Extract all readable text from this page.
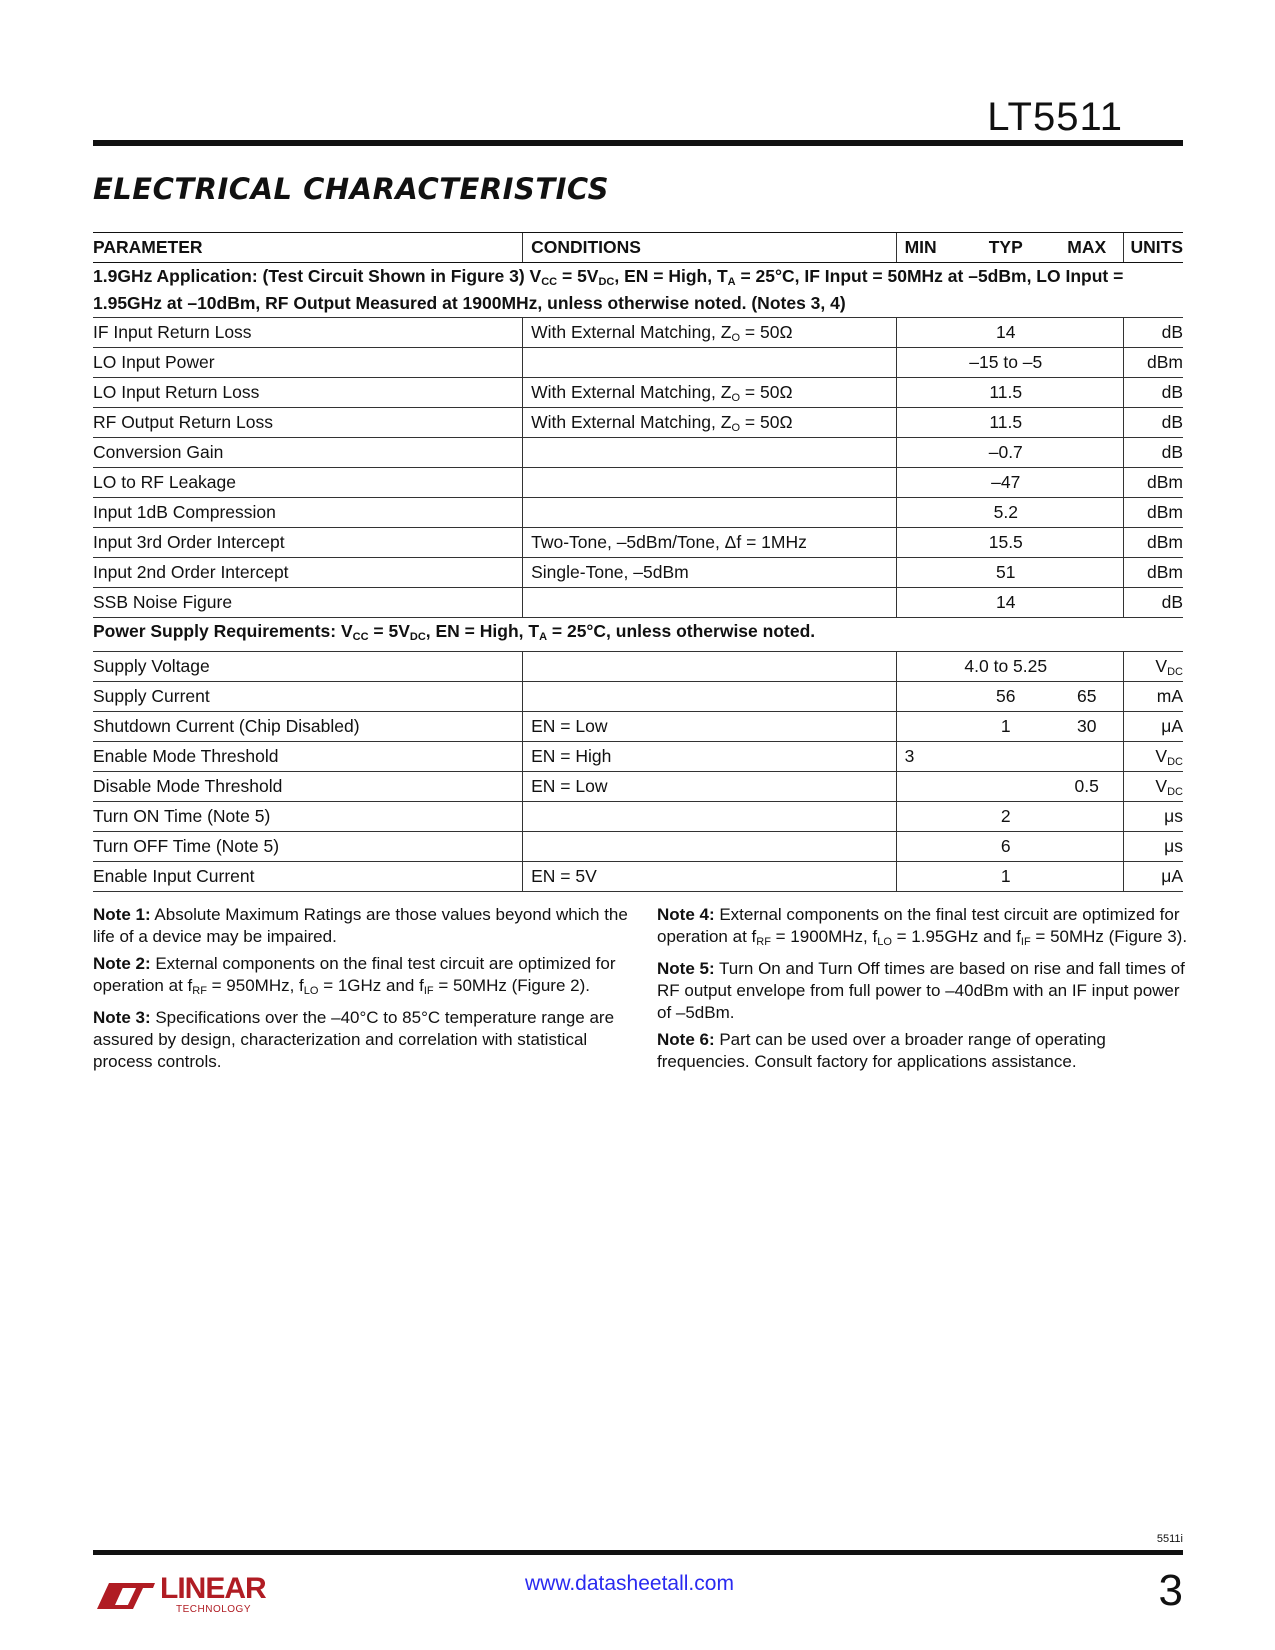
LT5511
ELECTRICAL CHARACTERISTICS
PARAMETER	CONDITIONS	MIN	TYP	MAX	UNITS
1.9GHz Application: (Test Circuit Shown in Figure 3) $V_{CC} = 5V_{DC}$, EN = High, $T_A = 25^\circ C$, IF Input = 50MHz at –5dBm, LO Input = 1.95GHz at –10dBm, RF Output Measured at 1900MHz, unless otherwise noted. (Notes 3, 4)					
IF Input Return Loss	With External Matching, $Z_O = 50\Omega$		14		dB
LO Input Power			–15 to –5		dBm
LO Input Return Loss	With External Matching, $Z_O = 50\Omega$		11.5		dB
RF Output Return Loss	With External Matching, $Z_O = 50\Omega$		11.5		dB
Conversion Gain			–0.7		dB
LO to RF Leakage			–47		dBm
Input 1dB Compression			5.2		dBm
Input 3rd Order Intercept	Two-Tone, –5dBm/Tone, Δf = 1MHz		15.5		dBm
Input 2nd Order Intercept	Single-Tone, –5dBm		51		dBm
SSB Noise Figure			14		dB
Power Supply Requirements: $V_{CC} = 5V_{DC}$, EN = High, $T_A = 25^\circ C$, unless otherwise noted.					
Supply Voltage			4.0 to 5.25		$V_{DC}$
Supply Current			56	65	mA
Shutdown Current (Chip Disabled)	EN = Low		1	30	μA
Enable Mode Threshold	EN = High	3			$V_{DC}$
Disable Mode Threshold	EN = Low			0.5	$V_{DC}$
Turn ON Time (Note 5)			2		μs
Turn OFF Time (Note 5)			6		μs
Enable Input Current	EN = 5V		1		μA

Note 1: Absolute Maximum Ratings are those values beyond which the life of a device may be impaired.

Note 2: External components on the final test circuit are optimized for operation at $f_{RF} = 950MHz$, $f_{LO} = 1GHz$ and $f_{IF} = 50MHz$ (Figure 2).

Note 3: Specifications over the –40°C to 85°C temperature range are assured by design, characterization and correlation with statistical process controls.

Note 4: External components on the final test circuit are optimized for operation at $f_{RF} = 1900MHz$, $f_{LO} = 1.95GHz$ and $f_{IF} = 50MHz$ (Figure 3).

Note 5: Turn On and Turn Off times are based on rise and fall times of RF output envelope from full power to –40dBm with an IF input power of –5dBm.

Note 6: Part can be used over a broader range of operating frequencies. Consult factory for applications assistance.

5511i
LINEAR
TECHNOLOGY
www.datasheetall.com	3
